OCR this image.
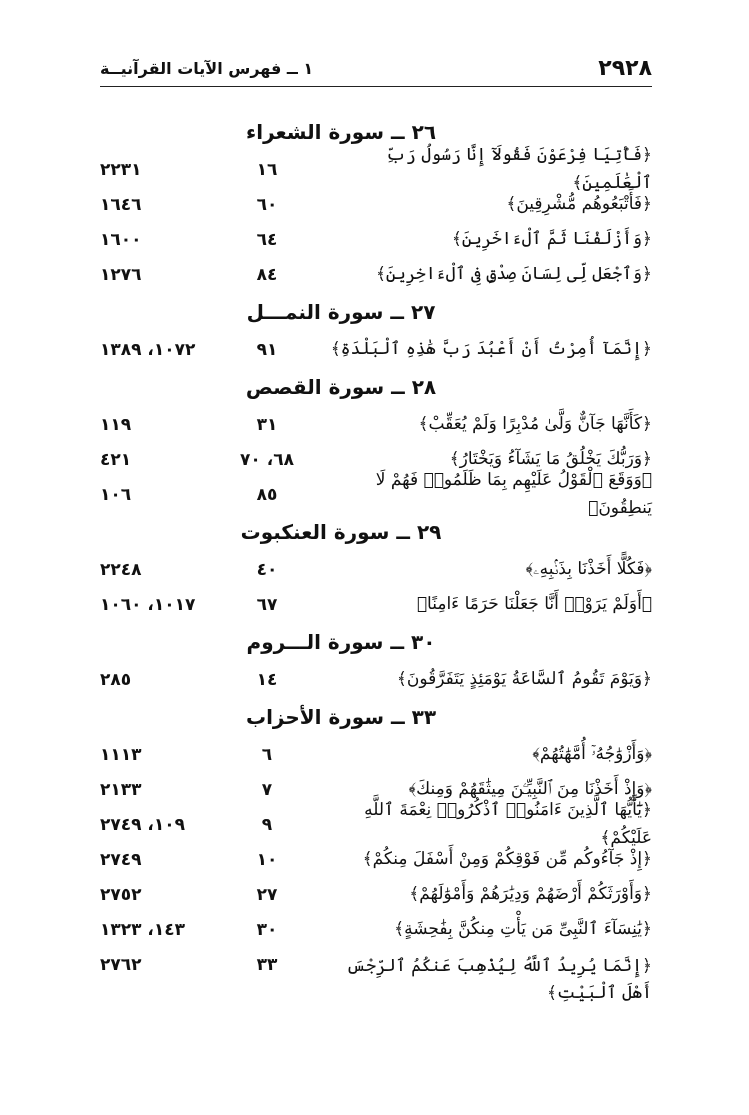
٢٩٢٨
١ ــ فهرس الآيات القرآنيــة
٢٦ ــ سورة الشعراء
﴿فَأْتِيَا فِرْعَوْنَ فَقُولَآ إِنَّا رَسُولُ رَبِّ ٱلْعَٰلَمِينَ﴾
١٦
٢٢٣١
﴿فَأَتْبَعُوهُم مُّشْرِقِينَ﴾
٦٠
١٦٤٦
﴿وَأَزْلَفْنَا ثَمَّ ٱلْءَاخَرِينَ﴾
٦٤
١٦٠٠
﴿وَٱجْعَل لِّى لِسَانَ صِدْقٍ فِى ٱلْءَاخِرِينَ﴾
٨٤
١٢٧٦
٢٧ ــ سورة النمـــل
﴿إِنَّمَآ أُمِرْتُ أَنْ أَعْبُدَ رَبَّ هَٰذِهِ ٱلْبَلْدَةِ﴾
٩١
١٠٧٢، ١٣٨٩
٢٨ ــ سورة القصص
﴿كَأَنَّهَا جَآنٌّ وَلَّىٰ مُدْبِرًا وَلَمْ يُعَقِّبْ﴾
٣١
١١٩
﴿وَرَبُّكَ يَخْلُقُ مَا يَشَآءُ وَيَخْتَارُ﴾
٦٨، ٧٠
٤٢١
﴿وَوَقَعَ ٱلْقَوْلُ عَلَيْهِم بِمَا ظَلَمُوا۟ فَهُمْ لَا يَنطِقُونَ﴾
٨٥
١٠٦
٢٩ ــ سورة العنكبوت
﴿فَكُلًّا أَخَذْنَا بِذَنۢبِهِۦ﴾
٤٠
٢٢٤٨
﴿أَوَلَمْ يَرَوْا۟ أَنَّا جَعَلْنَا حَرَمًا ءَامِنًا﴾
٦٧
١٠١٧، ١٠٦٠
٣٠ ــ سورة الـــروم
﴿وَيَوْمَ تَقُومُ ٱلسَّاعَةُ يَوْمَئِذٍ يَتَفَرَّقُونَ﴾
١٤
٢٨٥
٣٣ ــ سورة الأحزاب
﴿وَأَزْوَٰجُهُۥٓ أُمَّهَٰتُهُمْ﴾
٦
١١١٣
﴿وَإِذْ أَخَذْنَا مِنَ ٱلنَّبِيِّـۧنَ مِيثَٰقَهُمْ وَمِنكَ﴾
٧
٢١٣٣
﴿يَٰٓأَيُّهَا ٱلَّذِينَ ءَامَنُوا۟ ٱذْكُرُوا۟ نِعْمَةَ ٱللَّهِ عَلَيْكُمْ﴾
٩
١٠٩، ٢٧٤٩
﴿إِذْ جَآءُوكُم مِّن فَوْقِكُمْ وَمِنْ أَسْفَلَ مِنكُمْ﴾
١٠
٢٧٤٩
﴿وَأَوْرَثَكُمْ أَرْضَهُمْ وَدِيَٰرَهُمْ وَأَمْوَٰلَهُمْ﴾
٢٧
٢٧٥٢
﴿يَٰنِسَآءَ ٱلنَّبِىِّ مَن يَأْتِ مِنكُنَّ بِفَٰحِشَةٍ﴾
٣٠
١٤٣، ١٣٢٣
﴿إِنَّمَا يُرِيدُ ٱللَّهُ لِيُذْهِبَ عَنكُمُ ٱلرِّجْسَ أَهْلَ ٱلْبَيْتِ﴾
٣٣
٢٧٦٢
